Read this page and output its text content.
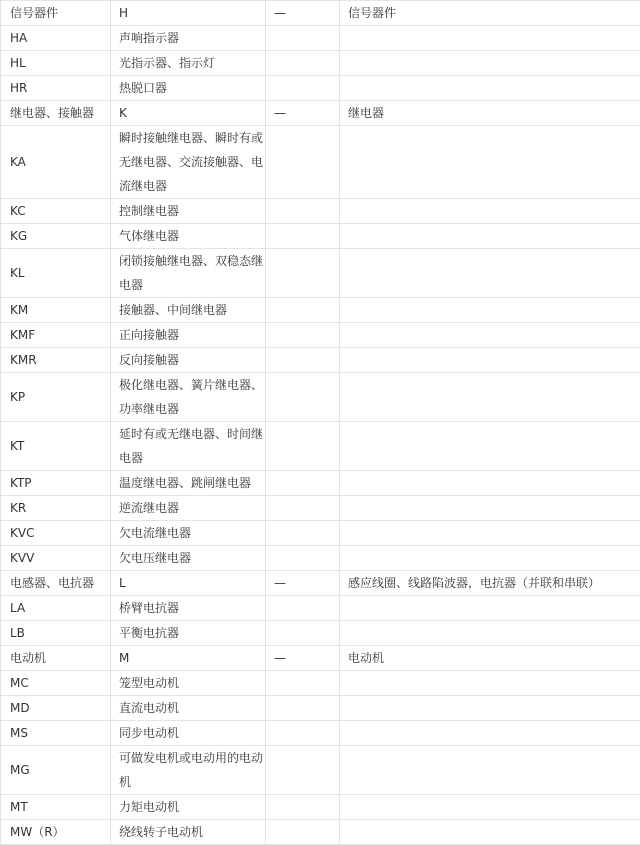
信号器件	H	—	信号器件
HA	声响指示器		
HL	光指示器、指示灯		
HR	热脱口器		
继电器、接触器	K	—	继电器
KA	瞬时接触继电器、瞬时有或无继电器、交流接触器、电流继电器		
KC	控制继电器		
KG	气体继电器		
KL	闭锁接触继电器、双稳态继电器		
KM	接触器、中间继电器		
KMF	正向接触器		
KMR	反向接触器		
KP	极化继电器、簧片继电器、功率继电器		
KT	延时有或无继电器、时间继电器		
KTP	温度继电器、跳闸继电器		
KR	逆流继电器		
KVC	欠电流继电器		
KVV	欠电压继电器		
电感器、电抗器	L	—	感应线圈、线路陷波器，电抗器（并联和串联）
LA	桥臂电抗器		
LB	平衡电抗器		
电动机	M	—	电动机
MC	笼型电动机		
MD	直流电动机		
MS	同步电动机		
MG	可做发电机或电动用的电动机		
MT	力矩电动机		
MW（R）	绕线转子电动机		
